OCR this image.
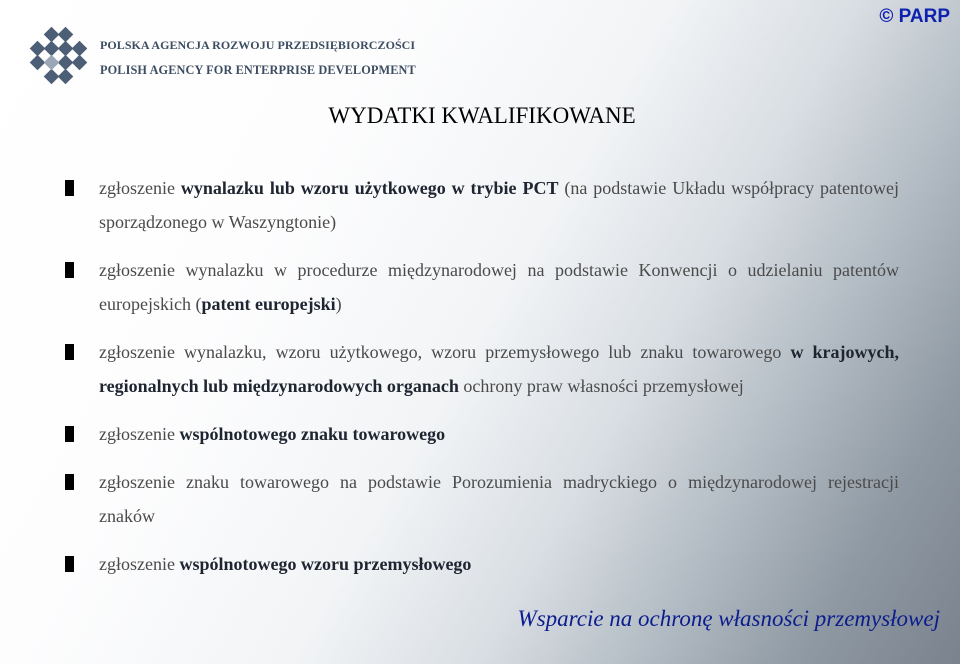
POLSKA AGENCJA ROZWOJU PRZEDSIĘBIORCZOŚCI
POLISH AGENCY FOR ENTERPRISE DEVELOPMENT
© PARP
WYDATKI KWALIFIKOWANE
zgłoszenie wynalazku lub wzoru użytkowego w trybie PCT (na podstawie Układu współpracy patentowej sporządzonego w Waszyngtonie)
zgłoszenie wynalazku w procedurze międzynarodowej na podstawie Konwencji o udzielaniu patentów europejskich (patent europejski)
zgłoszenie wynalazku, wzoru użytkowego, wzoru przemysłowego lub znaku towarowego w krajowych, regionalnych lub międzynarodowych organach ochrony praw własności przemysłowej
zgłoszenie wspólnotowego znaku towarowego
zgłoszenie znaku towarowego na podstawie Porozumienia madryckiego o międzynarodowej rejestracji znaków
zgłoszenie wspólnotowego wzoru przemysłowego
Wsparcie na ochronę własności przemysłowej
